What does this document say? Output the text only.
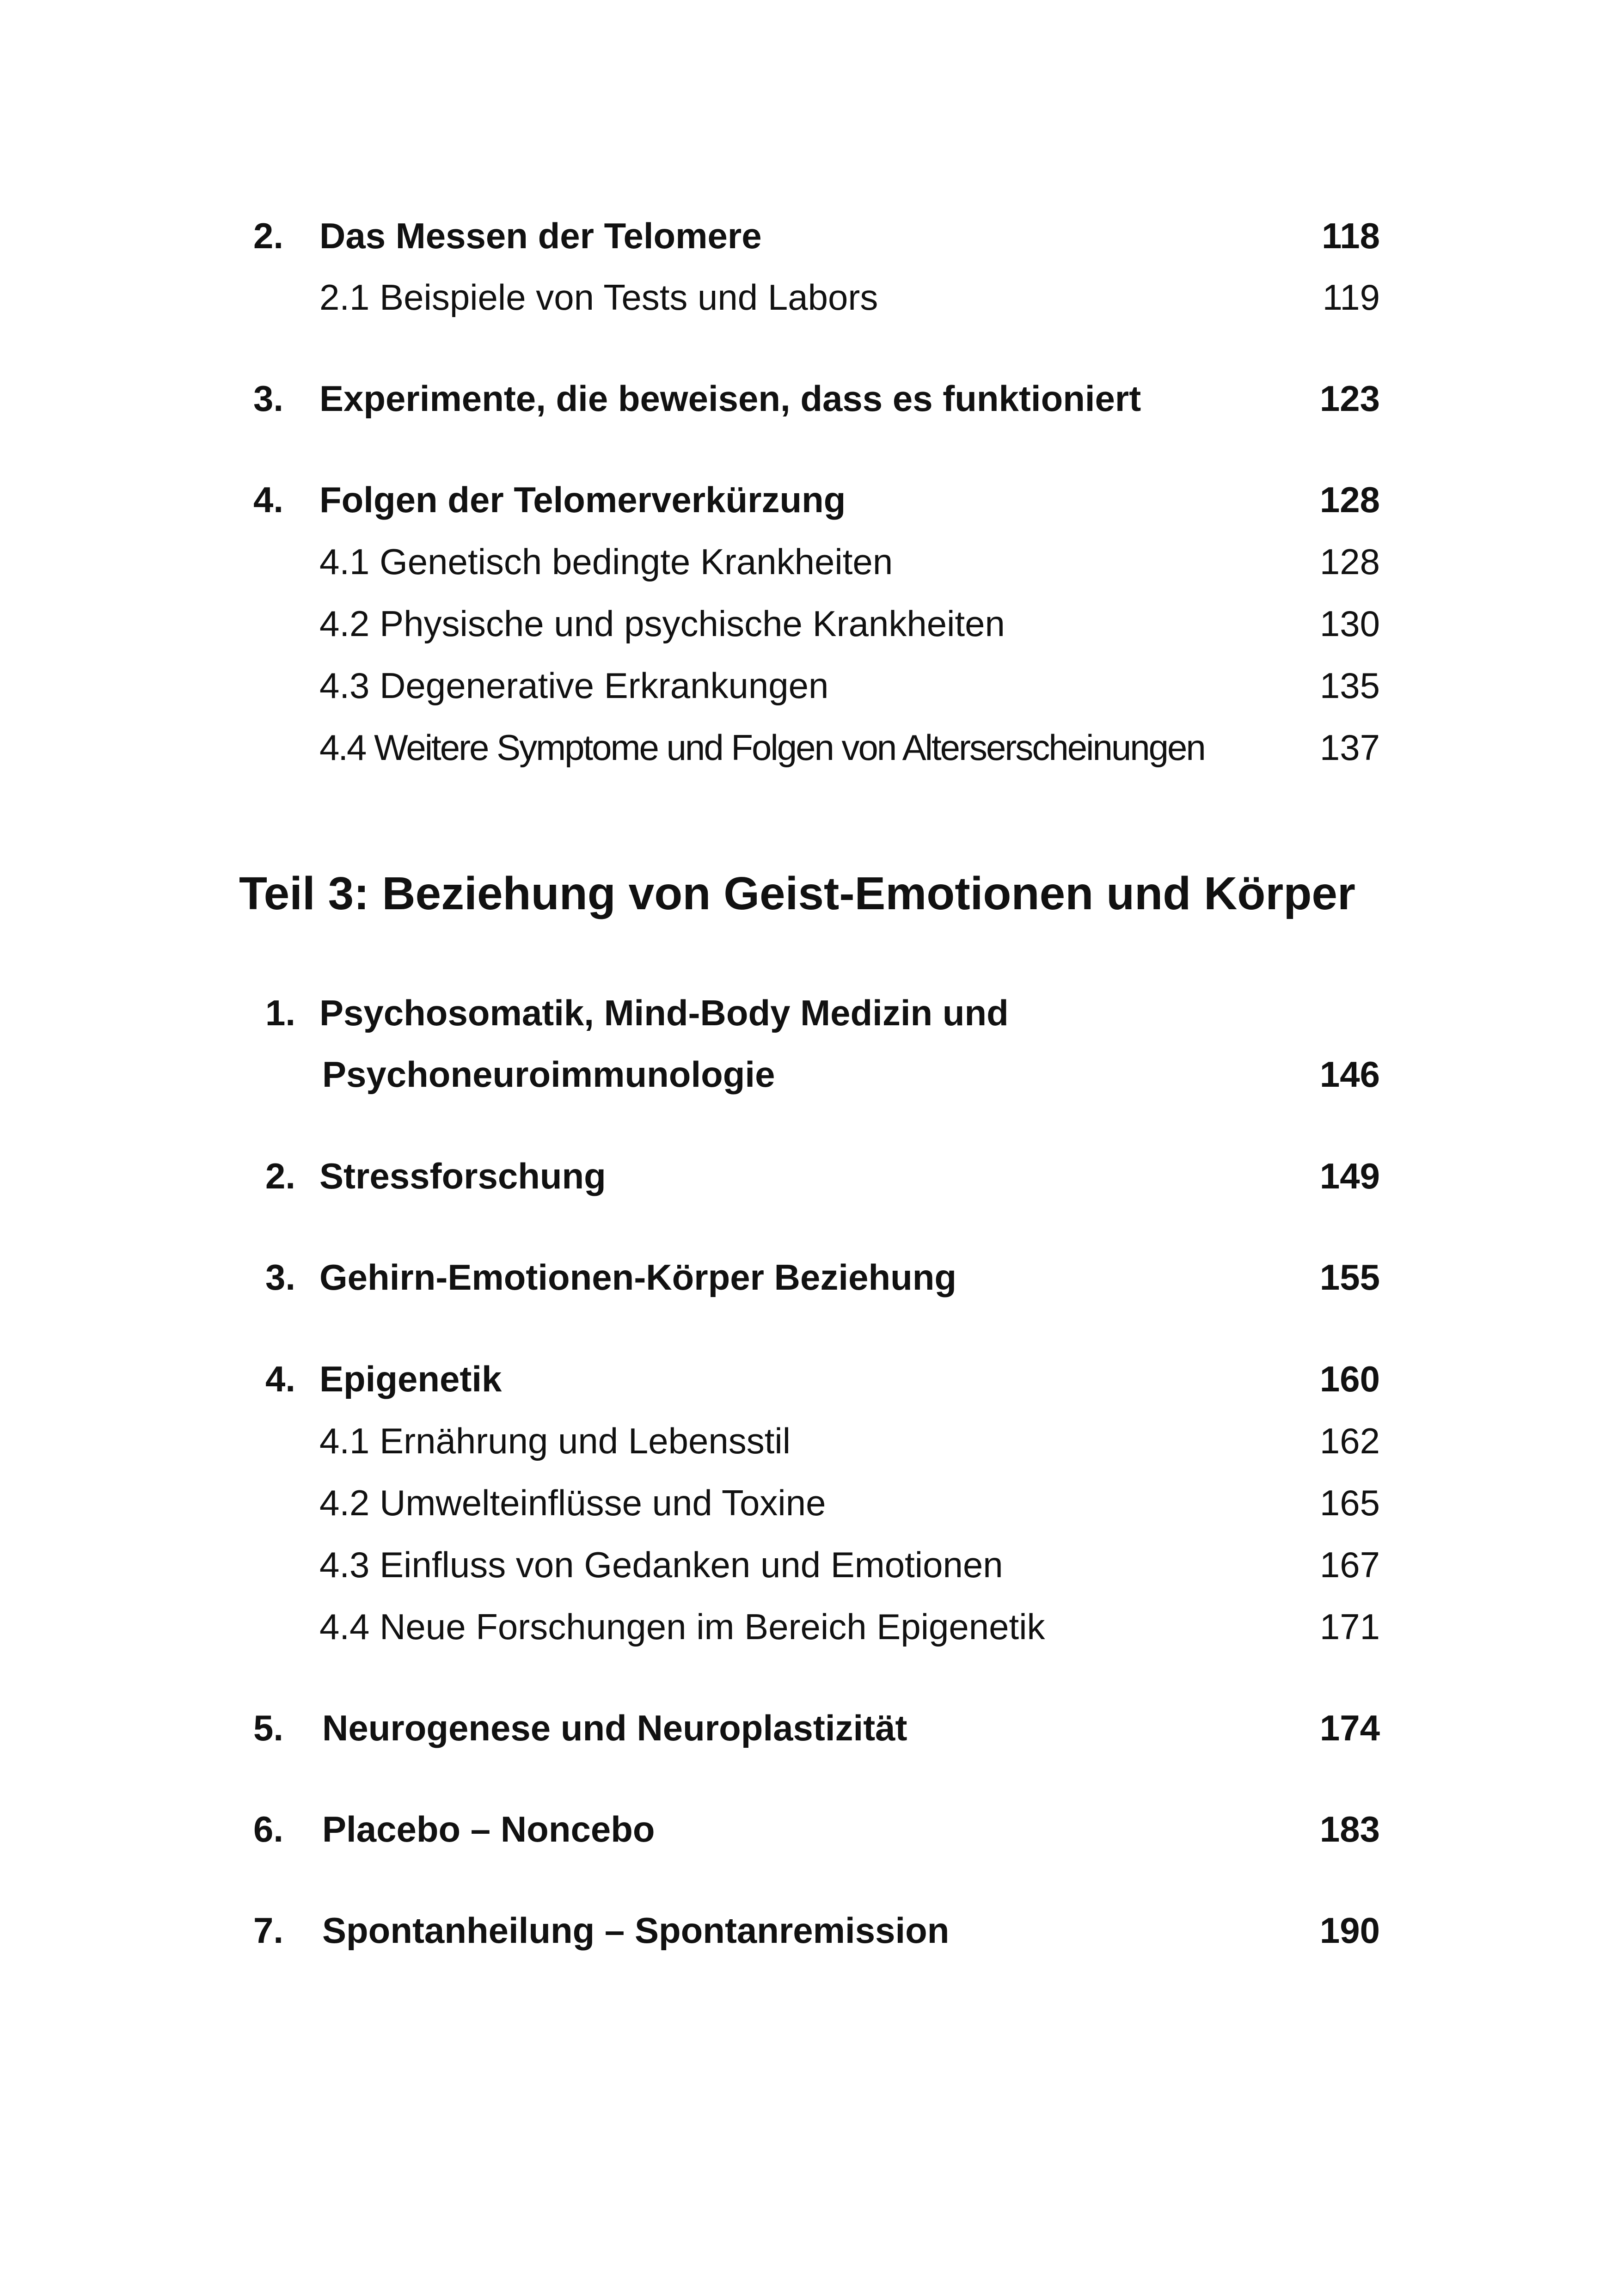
2. Das Messen der Telomere	118
2.1 Beispiele von Tests und Labors	119
3. Experimente, die beweisen, dass es funktioniert	123
4. Folgen der Telomerverkürzung	128
4.1 Genetisch bedingte Krankheiten	128
4.2 Physische und psychische Krankheiten	130
4.3 Degenerative Erkrankungen	135
4.4 Weitere Symptome und Folgen von Alterserscheinungen	137
Teil 3: Beziehung von Geist-Emotionen und Körper
1. Psychosomatik, Mind-Body Medizin und
Psychoneuroimmunologie	146
2. Stressforschung	149
3. Gehirn-Emotionen-Körper Beziehung	155
4. Epigenetik	160
4.1 Ernährung und Lebensstil	162
4.2 Umwelteinflüsse und Toxine	165
4.3 Einfluss von Gedanken und Emotionen	167
4.4 Neue Forschungen im Bereich Epigenetik	171
5. Neurogenese und Neuroplastizität	174
6. Placebo – Noncebo	183
7. Spontanheilung – Spontanremission	190
